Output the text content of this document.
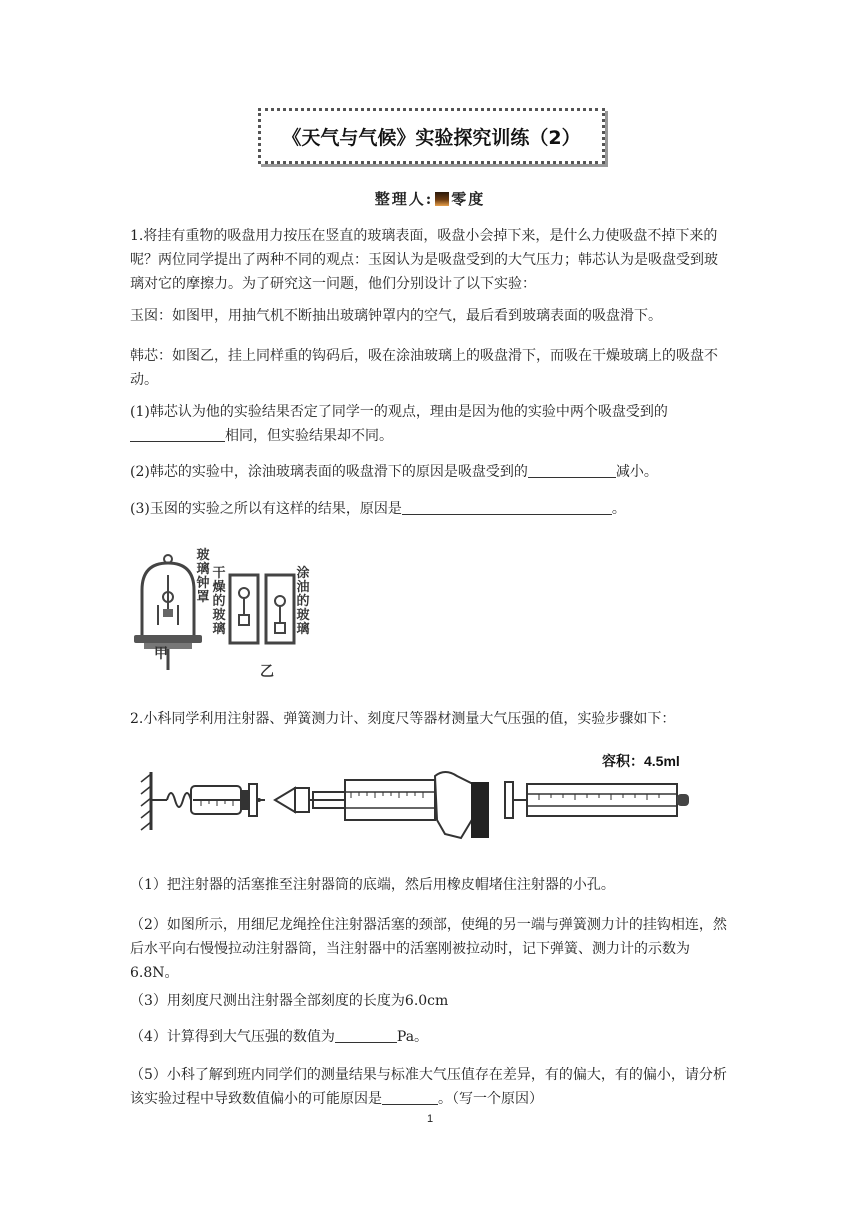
《天气与气候》实验探究训练（2）
整理人: 零度
1.将挂有重物的吸盘用力按压在竖直的玻璃表面，吸盘小会掉下来，是什么力使吸盘不掉下来的呢？两位同学提出了两种不同的观点：玉囡认为是吸盘受到的大气压力；韩芯认为是吸盘受到玻璃对它的摩擦力。为了研究这一问题，他们分别设计了以下实验：
玉囡：如图甲，用抽气机不断抽出玻璃钟罩内的空气，最后看到玻璃表面的吸盘滑下。
韩芯：如图乙，挂上同样重的钩码后，吸在涂油玻璃上的吸盘滑下，而吸在干燥玻璃上的吸盘不动。
(1)韩芯认为他的实验结果否定了同学一的观点，理由是因为他的实验中两个吸盘受到的相同，但实验结果却不同。
(2)韩芯的实验中，涂油玻璃表面的吸盘滑下的原因是吸盘受到的	减小。
(3)玉囡的实验之所以有这样的结果，原因是	。
玻璃钟罩
甲
干燥的玻璃
涂油的玻璃
乙
2.小科同学利用注射器、弹簧测力计、刻度尺等器材测量大气压强的值，实验步骤如下：
容积：4.5ml
（1）把注射器的活塞推至注射器筒的底端，然后用橡皮帽堵住注射器的小孔。
（2）如图所示，用细尼龙绳拴住注射器活塞的颈部，使绳的另一端与弹簧测力计的挂钩相连，然后水平向右慢慢拉动注射器筒，当注射器中的活塞刚被拉动时，记下弹簧、测力计的示数为6.8N。
（3）用刻度尺测出注射器全部刻度的长度为6.0cm
（4）计算得到大气压强的数值为	Pa。
（5）小科了解到班内同学们的测量结果与标准大气压值存在差异，有的偏大，有的偏小，请分析该实验过程中导致数值偏小的可能原因是	。（写一个原因）
1
